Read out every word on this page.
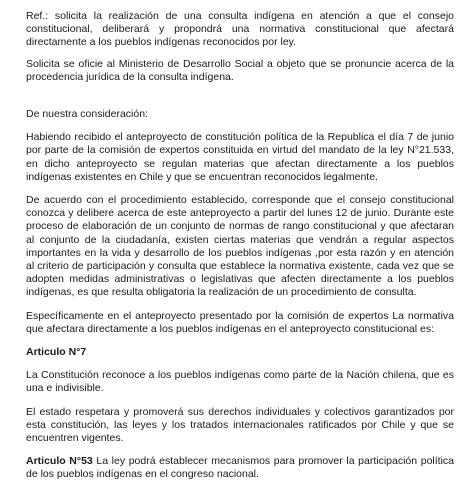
Ref.: solicita la realización de una consulta indígena en atención a que el consejo constitucional, deliberará y propondrá una normativa constitucional que afectará directamente a los pueblos indígenas reconocidos por ley.

Solicita se oficie al Ministerio de Desarrollo Social a objeto que se pronuncie acerca de la procedencia jurídica de la consulta indígena.

De nuestra consideración:

Habiendo recibido el anteproyecto de constitución política de la Republica el día 7 de junio por parte de la comisión de expertos constituida en virtud del mandato de la ley N°21.533, en dicho anteproyecto se regulan materias que afectan directamente a los pueblos indígenas existentes en Chile y que se encuentran reconocidos legalmente.

De acuerdo con el procedimiento establecido, corresponde que el consejo constitucional conozca y delibere acerca de este anteproyecto a partir del lunes 12 de junio. Durante este proceso de elaboración de un conjunto de normas de rango constitucional y que afectaran al conjunto de la ciudadanía, existen ciertas materias que vendrán a regular aspectos importantes en la vida y desarrollo de los pueblos indígenas ,por esta razón y en atención al criterio de participación y consulta que establece la normativa existente, cada vez que se adopten medidas administrativas o legislativas que afecten directamente a los pueblos indígenas, es que resulta obligatoria la realización de un procedimiento de consulta.

Específicamente en el anteproyecto presentado por la comisión de expertos La normativa que afectara directamente a los pueblos indígenas en el anteproyecto constitucional es:

Articulo N°7

La Constitución reconoce a los pueblos indígenas como parte de la Nación chilena, que es una e indivisible.

El estado respetara y promoverá sus derechos individuales y colectivos garantizados por esta constitución, las leyes y los tratados internacionales ratificados por Chile y que se encuentren vigentes.

Articulo N°53 La ley podrá establecer mecanismos para promover la participación política de los pueblos indígenas en el congreso nacional.
